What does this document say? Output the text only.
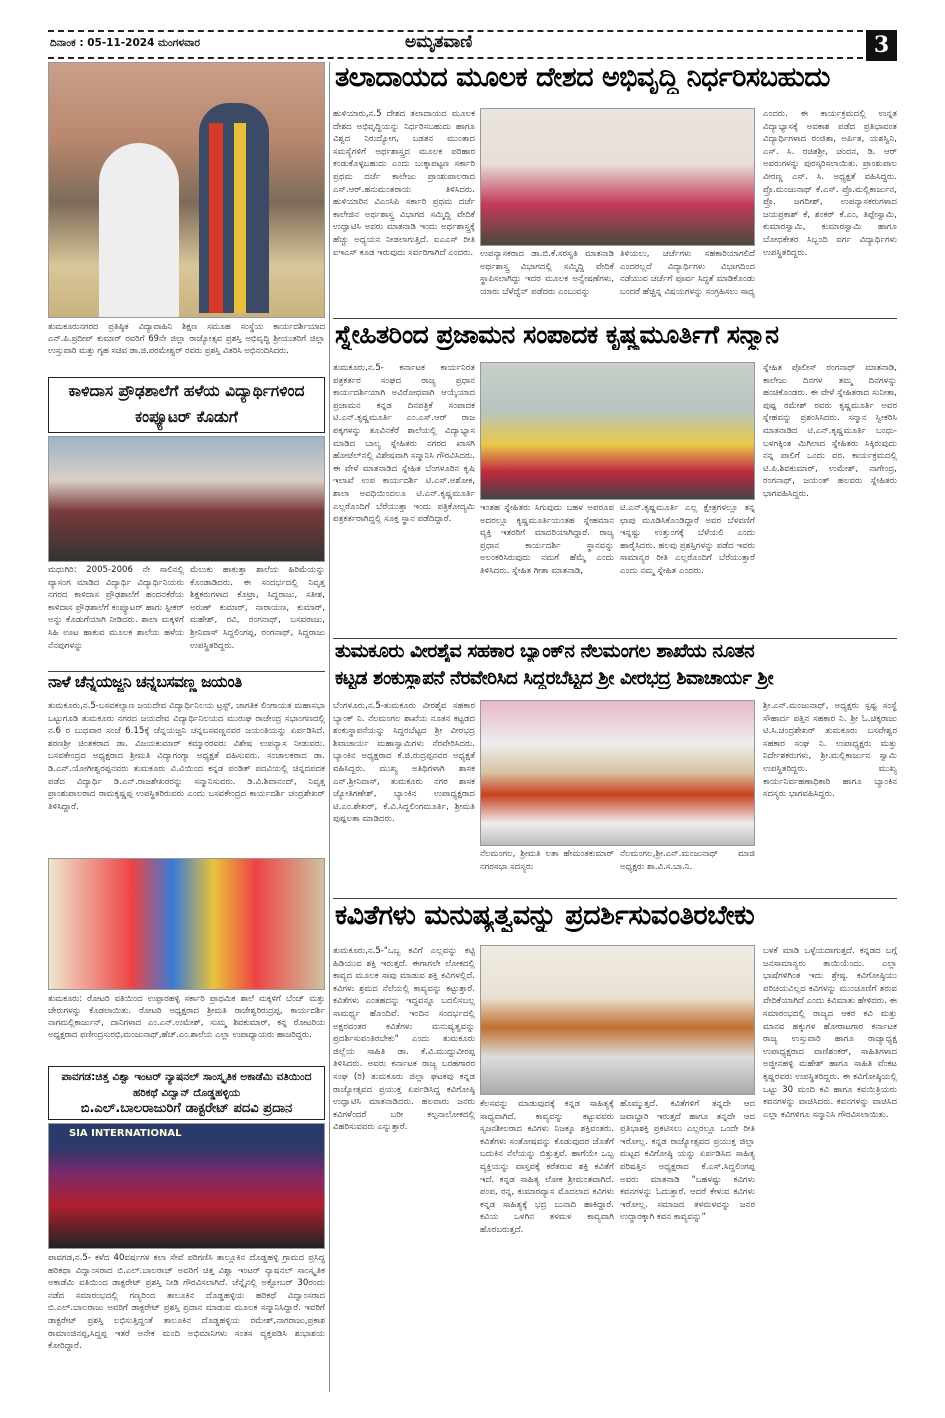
ದಿನಾಂಕ : 05-11-2024 ಮಂಗಳವಾರ	ಅಮೃತವಾಣಿ	3
ತುಮಕೂರುನಗರದ ಪ್ರತಿಷ್ಠಿತ ವಿದ್ಯಾವಾಹಿನಿ ಶಿಕ್ಷಣ ಸಮೂಹ ಸಂಸ್ಥೆಯ ಕಾರ್ಯದರ್ಶಿಯಾದ ಎನ್.ಪಿ.ಪ್ರದೀಪ್ ಕುಮಾರ್ ರವರಿಗೆ 69ನೇ ಜಿಲ್ಲಾ ರಾಜ್ಯೋತ್ಸವ ಪ್ರಶಸ್ತಿ ಅಭಿವೃದ್ಧಿ ಶ್ರೀಯುತರಿಗೆ ಜಿಲ್ಲಾ ಉಸ್ತುವಾರಿ ಮತ್ತು ಗೃಹ ಸಚಿವ ಡಾ.ಜಿ.ಪರಮೇಶ್ವರ್ ರವರು ಪ್ರಶಸ್ತಿ ವಿತರಿಸಿ ಅಭಿನಂದಿಸಿದರು.
ಕಾಳಿದಾಸ ಪ್ರೌಢಶಾಲೆಗೆ ಹಳೆಯ ವಿದ್ಯಾರ್ಥಿಗಳಿಂದ ಕಂಪ್ಯೂಟರ್ ಕೊಡುಗೆ
ಮಧುಗಿರಿ: 2005-2006 ನೇ ಸಾಲಿನಲ್ಲಿ ವ್ಯಾಸಂಗ ಮಾಡಿದ ವಿದ್ಯಾರ್ಥಿ ವಿದ್ಯಾರ್ಥಿನಿಯರು ನಗರದ ಕಾಳಿದಾಸ ಪ್ರೌಢಶಾಲೆಗೆ ಹಂದನಕೆರೆಯ ಕಾಳಿದಾಸ ಪ್ರೌಢಶಾಲೆಗೆ ಕಂಪ್ಯೂಟರ್ ಹಾಗು ಸ್ಪೀಕರ್ ಅನ್ನು ಕೊಡುಗೆಯಾಗಿ ನೀಡಿದರು. ಶಾಲಾ ಮಕ್ಕಳಿಗೆ ಸಿಹಿ ಊಟ ಹಾಕುವ ಮೂಲಕ ಶಾಲೆಯ ಹಳೆಯ ನೆನಪುಗಳನ್ನು
ಮೆಲುಕು ಹಾಕುತ್ತಾ ಶಾಲೆಯ ಹಿರಿಮೆಯನ್ನು ಕೊಂಡಾಡಿದರು. ಈ ಸಂದರ್ಭದಲ್ಲಿ ನಿವೃತ್ತ ಶಿಕ್ಷಕರುಗಳಾದ ಕೊಟ್ರಾ, ಸಿದ್ದರಾಜು, ಸತೀಶ, ಅರುಣ್ ಕುಮಾರ್, ನಾರಾಯಣ, ಕುಮಾರ್, ಮಹೇಶ್, ರವಿ, ರಂಗನಾಥ್, ಬಸವರಾಜು, ಶ್ರೀನಿವಾಸ್ ಸಿದ್ದಲಿಂಗಪ್ಪ, ರಂಗನಾಥ್, ಸಿದ್ದರಾಜು ಉಪಸ್ಥಿತರಿದ್ದರು.
ನಾಳೆ ಚೆನ್ನಯಜ್ಜನಿ ಚನ್ನಬಸವಣ್ಣ ಜಯಂತಿ
ತುಮಕೂರು,ನ.5-ಬಸವಕಲ್ಯಾಣ ಜಯದೇವ ವಿದ್ಯಾರ್ಥಿನಿಲಯ ಟ್ರಸ್ಟ್, ಜಾಗತಿಕ ಲಿಂಗಾಯತ ಮಹಾಸಭಾ ಒಟ್ಟುಗೂಡಿ ತುಮಕೂರು ನಗರದ ಜಯದೇವ ವಿದ್ಯಾರ್ಥಿನಿಲಯದ ಮುರುಘ ರಾಜೇಂದ್ರ ಸಭಾಂಗಣದಲ್ಲಿ ನ.6 ರ ಬುಧವಾರ ಸಂಜೆ 6.15ಕ್ಕೆ ಚೆನ್ನಯಜ್ಜನಿ ಚನ್ನಬಸವಣ್ಣನವರ ಜಯಂತಿಯನ್ನು ಏರ್ಪಡಿಸಿದೆ. ಶರಣಶ್ರೀ ಚಿಂತಕರಾದ ಡಾ. ವಿಜಯಕುಮಾರ್ ಕಮ್ಮಾರರವರು ವಿಶೇಷ ಉಪನ್ಯಾಸ ನೀಡುವರು. ಬಸವಕೇಂದ್ರದ ಅಧ್ಯಕ್ಷರಾದ ಶ್ರೀಮತಿ ವಿದ್ಯಾಗಂಗ್ಯಾ ಅಧ್ಯಕ್ಷತೆ ವಹಿಸುವರು. ಸಂಚಾಲಕರಾದ ಡಾ. ಡಿ.ಎನ್.ಯೋಗೀಶ್ವರಪ್ಪನವರು ತುಮಕೂರು ವಿ.ವಿಯಿಂದ ಕನ್ನಡ ಪಂಡಿತ್ ಪದವಿಯಲ್ಲಿ ಚಿನ್ನದಪದಕ ಪಡೆದ ವಿದ್ಯಾರ್ಥಿ ಡಿ.ಎನ್.ರಾಜಶೇಖರರನ್ನು ಸನ್ಮಾನಿಸುವರು. ಡಿ.ವಿ.ಶಿವಾನಂದ್, ನಿವೃತ್ತ ಪ್ರಾಂಶುಪಾಲರಾದ ರಾಮಕೃಷ್ಣಪ್ಪ ಉಪಸ್ಥಿತರಿರುವರು ಎಂದು ಬಸವಕೇಂದ್ರದ ಕಾರ್ಯದರ್ಶಿ ಚಂದ್ರಶೇಖರ್ ತಿಳಿಸಿದ್ದಾರೆ.
ತುಮಕೂರು: ರೋಟರಿ ವತಿಯಿಂದ ಉಪ್ಪಾರಹಳ್ಳಿ ಸರ್ಕಾರಿ ಪ್ರಾಥಮಿಕ ಶಾಲೆ ಮಕ್ಕಳಿಗೆ ಬೆಂಚ್ ಮತ್ತು ಚೇರುಗಳನ್ನು ಕೊಡಲಾಯಿತು. ರೋಟರಿ ಅಧ್ಯಕ್ಷರಾದ ಶ್ರೀಮತಿ ರಾಜೇಶ್ವರಿರುದ್ರಪ್ಪ, ಕಾರ್ಯದರ್ಶಿ ನಾಗಮಲ್ಲಿಕಾರ್ಜುನ್, ದಾನಿಗಳಾದ ಎಂ.ಎನ್.ಉಮೇಶ್, ಸುಮ್ಮ ಶಿವಕುಮಾರ್, ಕನ್ನ ರೋಟರಿಯ ಅಧ್ಯಕ್ಷರಾದ ಫಣೀಂದ್ರಸುರಭಿ,ಮಂಜುನಾಥ್,ಹೆಚ್.ಎಂ.ಶಾಲೆಯ ಎಲ್ಲಾ ಉಪಾಧ್ಯಾಯರು ಹಾಜರಿದ್ದರು.
ಪಾವಗಡ:ಚಿತ್ತ ವಿಶ್ವಾ ಇಂಟರ್ ನ್ಯಾಷನಲ್ ಸಾಂಸ್ಕೃತಿಕ ಅಕಾಡೆಮಿ ವತಿಯಿಂದ ಹರಿಕಥೆ ವಿದ್ವಾನ್ ದೊಡ್ಡಹಳ್ಳಿಯ
ಬಿ.ಎಲ್.ಬಾಲರಾಜುರಿಗೆ ಡಾಕ್ಟರೇಟ್ ಪದವಿ ಪ್ರದಾನ
SIA INTERNATIONAL
ಪಾವಗಡ,ನ.5- ಕಳೆದ 40ವರ್ಷಗಳ ಕಲಾ ಸೇವೆ ಪರಿಗಣಿಸಿ ತಾಲ್ಲೂಕಿನ ದೊಡ್ಡಹಳ್ಳಿ ಗ್ರಾಮದ ಪ್ರಸಿದ್ಧ ಹರಿಕಥಾ ವಿದ್ವಾಂಸರಾದ ಬಿ.ಎಲ್.ಬಾಲರಾಜ್ ಅವರಿಗೆ ಚಿತ್ತ ವಿಶ್ವಾ ಇಂಟರ್ ನ್ಯಾಷನಲ್ ಸಾಂಸ್ಕೃತಿಕ ಅಕಾಡೆಮಿ ವತಿಯಿಂದ ಡಾಕ್ಟರೇಟ್ ಪ್ರಶಸ್ತಿ ನೀಡಿ ಗೌರವಿಸಲಾಗಿದೆ. ಚೆನ್ನೈನಲ್ಲಿ ಅಕ್ಟೋಬರ್ 30ರಂದು ನಡೆದ ಸಮಾರಂಭದಲ್ಲಿ ಗಣ್ಯರಿಂದ ತಾಲೂಕಿನ ದೊಡ್ಡಹಳ್ಳಿಯ ಹರಿಕಥೆ ವಿದ್ವಾಂಸರಾದ ಬಿ.ಎಲ್.ಬಾಲರಾಜು ಅವರಿಗೆ ಡಾಕ್ಟರೇಟ್ ಪ್ರಶಸ್ತಿ ಪ್ರದಾನ ಮಾಡುವ ಮೂಲಕ ಸನ್ಮಾನಿಸಿದ್ದಾರೆ. ಇವರಿಗೆ ಡಾಕ್ಟರೇಟ್ ಪ್ರಶಸ್ತಿ ಲಭಿಸುತ್ತಿದ್ದಂತೆ ತಾಲೂಕಿನ ದೊಡ್ಡಹಳ್ಳಿಯ ರಮೇಶ್,ನಾಗರಾಜು,ಪ್ರಕಾಶ ರಾಮಾಂಜಿನಪ್ಪ,ಸಿದ್ದಪ್ಪ ಇತರೆ ಅನೇಕ ಮಂದಿ ಅಭಿಮಾನಿಗಳು ಸಂತಸ ವ್ಯಕ್ತಪಡಿಸಿ ಶುಭಾಶಯ ಕೋರಿದ್ದಾರೆ.
ತಲಾದಾಯದ ಮೂಲಕ ದೇಶದ ಅಭಿವೃದ್ಧಿ ನಿರ್ಧರಿಸಬಹುದು
ಹುಳಿಯಾರು,ನ.5 ದೇಶದ ತಲಾದಾಯದ ಮೂಲಕ ದೇಶದ ಅಭಿವೃದ್ಧಿಯನ್ನು ನಿರ್ಧರಿಸಬಹುದು ಹಾಗೂ ವಿಶ್ವದ ನಿರುದ್ಯೋಗ, ಬಡತನ ಮುಂತಾದ ಸಮಸ್ಯೆಗಳಿಗೆ ಅರ್ಥಶಾಸ್ತ್ರದ ಮೂಲಕ ಪರಿಹಾರ ಕಂಡುಕೊಳ್ಳಬಹುದು ಎಂದು ಬುಕ್ಕಾಪಟ್ಟಣ ಸರ್ಕಾರಿ ಪ್ರಥಮ ದರ್ಜೆ ಕಾಲೇಜು ಪ್ರಾಂಶುಪಾಲರಾದ ಎಸ್.ಆರ್.ಹನುಮಂತರಾಯ ತಿಳಿಸಿದರು. ಹುಳಿಯಾರಿನ ವಿಎಂಸಿಪಿ ಸರ್ಕಾರಿ ಪ್ರಥಮ ದರ್ಜೆ ಕಾಲೇಜಿನ ಅರ್ಥಶಾಸ್ತ್ರ ವಿಭಾಗದ ಸಮ್ಮಿದ್ದಿ ವೇದಿಕೆ ಉದ್ಘಾಟಿಸಿ ಅವರು ಮಾತನಾಡಿ ಇಂದು ಅರ್ಥಶಾಸ್ತ್ರಕ್ಕೆ ಹೆಚ್ಚು ಅಧ್ಯಯನ ನೀಡಲಾಗುತ್ತಿದೆ. ಐಎಎಸ್ ರೀತಿ ಐಇಎಸ್ ಕೂಡ ಇರುವುದು ಸರ್ವರಿಗಾಗಿದೆ ಎಂದರು. ಉಪನ್ಯಾಸಕರಾದ ಡಾ.ಬಿ.ಕೆ.ಸರಸ್ವತಿ ಮಾತನಾಡಿ ಅರ್ಥಶಾಸ್ತ್ರ ವಿಭಾಗದಲ್ಲಿ ಸಮ್ಮಿದ್ದಿ ವೇದಿಕೆ ಸ್ಥಾಪಿಸಲಾಗಿದ್ದು ಇದರ ಮೂಲಕ ಅನ್ವೇಷಣೆಗಳು, ಯಾರು ಬೆಳೆದ್ವೆನ್ ಪಡೆದರು ಎಂಬುವನ್ನು
ತಿಳಿಯಲು, ಚರ್ಚೆಗಳು ಸಹಕಾರಿಯಾಗಲಿದೆ ಎಂದರಲ್ಲದೆ ವಿದ್ಯಾರ್ಥಿಗಳು ವಿಭಾಗದಿಂದ ನಡೆಯುವ ಚರ್ಚೆಗೆ ಪೂರ್ವ ಸಿದ್ಧತೆ ಮಾಡಿಕೊಂಡು ಬಂದರೆ ಹೆಚ್ಚಿನ್ನ ವಿಷಯಗಳನ್ನು ಸಂಗ್ರಹಿಸಲು ಸಾಧ್ಯ
ಎಂದರು. ಈ ಕಾರ್ಯಕ್ರಮದಲ್ಲಿ ಉನ್ನತ ವಿದ್ಯಾಭ್ಯಾಸಕ್ಕೆ ಅವಕಾಶ ಪಡೆದ ಪ್ರತಿಭಾವಂತ ವಿದ್ಯಾರ್ಥಿಗಳಾದ ರಂಜಿತಾ, ಅರ್ಪಿತ, ಯಶಸ್ವಿನಿ, ಎಸ್. ಸಿ. ರಚಿತಶ್ರೀ, ಚಂದನ, ಡಿ. ಆರ್ ಅವರುಗಳನ್ನು ಪುರಸ್ಕರಿಸಲಾಯಿತು. ಪ್ರಾಂಶುಪಾಲ ವೀರಣ್ಣ ಎಸ್. ಸಿ. ಅಧ್ಯಕ್ಷತೆ ವಹಿಸಿದ್ದರು. ಪ್ರೊ.ಮಂಜುನಾಥ್ ಕೆ.ಎಸ್. ಪ್ರೊ.ಮಲ್ಲಿಕಾರ್ಜುನ, ಪ್ರೊ. ಜಗದೀಶ್, ಉಪನ್ಯಾಸಕರುಗಳಾದ ಜಯಪ್ರಕಾಶ್ ಕೆ, ಶಂಕರ್ ಕೆ.ಎಂ, ತಿಪ್ಪೇಸ್ವಾಮಿ, ಕುಮಾರಸ್ವಾಮಿ, ಕುಮಾರಸ್ವಾಮಿ ಹಾಗೂ ಬೋಧಕೇತರ ಸಿಬ್ಬಂದಿ ವರ್ಗ ವಿದ್ಯಾರ್ಥಿಗಳು ಉಪಸ್ಥಿತರಿದ್ದರು.
ಸ್ನೇಹಿತರಿಂದ ಪ್ರಜಾಮನ ಸಂಪಾದಕ ಕೃಷ್ಣಮೂರ್ತಿಗೆ ಸನ್ಮಾನ
ತುಮಕೂರು,ನ.5- ಕರ್ನಾಟಕ ಕಾರ್ಯನಿರತ ಪತ್ರಕರ್ತರ ಸಂಘದ ರಾಜ್ಯ ಪ್ರಧಾನ ಕಾರ್ಯದರ್ಶಿಯಾಗಿ ಅವಿರೋಧವಾಗಿ ಆಯ್ಕೆಯಾದ ಪ್ರಜಾಮನ ಕನ್ನಡ ದಿನಪತ್ರಿಕೆ ಸಂಪಾದಕ ಟಿ.ಎನ್.ಕೃಷ್ಣಮೂರ್ತಿ ಎಂ.ಎಸ್.ಆರ್ ರಾಜ ಪಕ್ಕಗಳನ್ನು ತೂವಿನಕೆರೆ ಶಾಲೆಯಲ್ಲಿ ವಿದ್ಯಾಭ್ಯಾಸ ಮಾಡಿದ ಬಾಲ್ಯ ಸ್ನೇಹಿತರು ನಗರದ ಖಾಸಗಿ ಹೋಟೆಲ್‌ನಲ್ಲಿ ವಿಶೇಷವಾಗಿ ಸನ್ಮಾನಿಸಿ ಗೌರವಿಸಿದರು. ಈ ವೇಳೆ ಮಾತನಾಡಿದ ಸ್ನೇಹಿತ ಬೆಂಗಳೂರಿನ ಕೃಷಿ ಇಲಾಖೆ ಉಪ ಕಾರ್ಯದರ್ಶಿ ಟಿ.ಎಸ್.ಅಶೋಕ, ಶಾಲಾ ಅವಧಿಯಿಂದಲೂ ಟಿ.ಎನ್.ಕೃಷ್ಣಮೂರ್ತಿ ಎಲ್ಲರೊಂದಿಗೆ ಬೆರೆಯುತ್ತಾ ಇಂದು ಪತ್ರಿಕೋದ್ಯಮಿ ಪತ್ರಕರ್ತರಾಗಿದ್ದಲ್ಲಿ ಸೂಕ್ತ ಸ್ಥಾನ ಪಡೆದಿದ್ದಾರೆ.
ಇಂತಹ ಸ್ನೇಹಿತರು ಸಿಗುವುದು ಬಹಳ ಅಪರೂಪ ಅದರಲ್ಲೂ ಕೃಷ್ಣಮೂರ್ತಿಯಂತಹ ಸ್ನೇಹಮಾನ ವ್ಯಕ್ತಿ ಇತರರಿಗೆ ಮಾದರಿಯಾಗಿದ್ದಾರೆ. ರಾಜ್ಯ ಪ್ರಧಾನ ಕಾರ್ಯದರ್ಶಿ ಸ್ಥಾನವನ್ನು ಅಲಂಕರಿಸಿರುವುದು ನಮಗೆ ಹೆಮ್ಮೆ ಎಂದು ತಿಳಿಸಿದರು. ಸ್ನೇಹಿತ ಗೀತಾ ಮಾತನಾಡಿ,
ಟಿ.ಎನ್.ಕೃಷ್ಣಮೂರ್ತಿ ಎಲ್ಲ ಕ್ಷೇತ್ರಗಳಲ್ಲೂ ತನ್ನ ಛಾಪು ಮೂಡಿಸಿಕೊಂಡಿದ್ದಾರೆ ಅವರ ಬೆಳವಣಿಗೆ ಇನ್ನಷ್ಟು ಉತ್ತುಂಗಕ್ಕೆ ಬೆಳೆಯಲಿ ಎಂದು ಹಾರೈಸಿದರು. ಹಲವು ಪ್ರಶಸ್ತಿಗಳನ್ನು ಪಡೆದ ಇವರು ಸಾಮಾನ್ಯರ ರೀತಿ ಎಲ್ಲರೊಂದಿಗೆ ಬೆರೆಯುತ್ತಾರೆ ಎಂದು ನಮ್ಮ ಸ್ನೇಹಿತ ಎಂದರು.
ಸ್ನೇಹಿತ ಪೊಲೀಸ್ ರಂಗನಾಥ್ ಮಾತನಾಡಿ, ಕಾಲೇಜು ದಿನಗಳ ತಮ್ಮ ದಿನಗಳನ್ನು ಹಂಚಿಕೊಂಡರು. ಈ ವೇಳೆ ಸ್ನೇಹಿತರಾದ ಸುನೀತಾ, ಪುಷ್ಪ ರಮೇಶ್ ರವರು ಕೃಷ್ಣಮೂರ್ತಿ ಅವರ ಸ್ನೇಹವನ್ನು ಪ್ರಶಂಸಿಸಿದರು. ಸನ್ಮಾನ ಸ್ವೀಕರಿಸಿ ಮಾತನಾಡಿದ ಟಿ.ಎನ್.ಕೃಷ್ಣಮೂರ್ತಿ ಬಂಧು-ಬಳಗಕ್ಕಿಂತ ಮಿಗಿಲಾದ ಸ್ನೇಹಿತರು ಸಿಕ್ಕಿರುವುದು ನನ್ನ ಪಾಲಿಗೆ ಒಂದು ವರ. ಕಾರ್ಯಕ್ರಮದಲ್ಲಿ ಟಿ.ಪಿ.ಶಿವಕುಮಾರ್, ಉಮೇಶ್, ನಾಗೇಂದ್ರ, ರಂಗನಾಥ್, ಜಯಂತ್ ಹಲವರು ಸ್ನೇಹಿತರು ಭಾಗವಹಿಸಿದ್ದರು.
ತುಮಕೂರು ವೀರಶೈವ ಸಹಕಾರ ಬ್ಯಾಂಕ್‌ನ ನೆಲಮಂಗಲ ಶಾಖೆಯ ನೂತನ
ಕಟ್ಟಡ ಶಂಕುಸ್ಥಾಪನೆ ನೆರವೇರಿಸಿದ ಸಿದ್ದರಬೆಟ್ಟದ ಶ್ರೀ ವೀರಭದ್ರ ಶಿವಾಚಾರ್ಯ ಶ್ರೀ
ಬೆಂಗಳೂರು,ನ.5-ತುಮಕೂರು ವೀರಶೈವ ಸಹಕಾರ ಬ್ಯಾಂಕ್ ನಿ. ನೆಲಮಂಗಲ ಶಾಖೆಯ ನೂತನ ಕಟ್ಟಡದ ಶಂಕುಸ್ಥಾಪನೆಯನ್ನು ಸಿದ್ದರಬೆಟ್ಟದ ಶ್ರೀ ವೀರಭದ್ರ ಶಿವಾಚಾರ್ಯ ಮಹಾಸ್ವಾಮಿಗಳು ನೆರವೇರಿಸಿದರು. ಬ್ಯಾಂಕಿನ ಅಧ್ಯಕ್ಷರಾದ ಕೆ.ಜಿ.ರುದ್ರಪ್ಪನವರ ಅಧ್ಯಕ್ಷತೆ ವಹಿಸಿದ್ದರು. ಮುಖ್ಯ ಅತಿಥಿಗಳಾಗಿ ಶಾಸಕ ಎನ್.ಶ್ರೀನಿವಾಸ್, ತುಮಕೂರು ನಗರ ಶಾಸಕ ಜ್ಯೋತಿಗಣೇಶ್, ಬ್ಯಾಂಕಿನ ಉಪಾಧ್ಯಕ್ಷರಾದ ಟಿ.ಎಂ.ಶೇಖರ್, ಕೆ.ವಿ.ಸಿದ್ದಲಿಂಗಮೂರ್ತಿ, ಶ್ರೀಮತಿ ಪುಷ್ಪಲತಾ ಮಾಡಿದರು.
ನೆಲಮಂಗಲ, ಶ್ರೀಮತಿ ಲತಾ ಹೇಮಂತಕುಮಾರ್ ನಗರಸಭಾ ಸದಸ್ಯರು
ನೆಲಮಂಗಲ,ಶ್ರೀ.ಎನ್.ಮಂಜುನಾಥ್ ಮಾಜಿ ಅಧ್ಯಕ್ಷರು ಶಾ.ವಿ.ಸ.ಬಾ.ನಿ.
ಶ್ರೀ.ಎನ್.ಮಂಜುನಾಥ್, ಅಧ್ಯಕ್ಷರು ಸ್ಪಷ್ಟ ಸಂಸ್ಥೆ ಸೌಹಾರ್ದ ಪತ್ತಿನ ಸಹಕಾರ ನಿ. ಶ್ರೀ ಓ.ಚಿಕ್ಕರಾಜು ಟಿ.ಸಿ.ಚಂದ್ರಶೇಖರ್ ತುಮಕೂರು ಬಸವೇಶ್ವರ ಸಹಕಾರ ಸಂಘ ನಿ. ಉಪಾಧ್ಯಕ್ಷರು ಮತ್ತು ನಿರ್ದೇಶಕರುಗಳು, ಶ್ರೀ.ಮಲ್ಲಿಕಾರ್ಜುನ ಸ್ವಾಮಿ ಉಪಸ್ಥಿತರಿದ್ದರು. ಮುಖ್ಯ ಕಾರ್ಯನಿರ್ವಹಣಾಧಿಕಾರಿ ಹಾಗೂ ಬ್ಯಾಂಕಿನ ಸದಸ್ಯರು ಭಾಗವಹಿಸಿದ್ದರು.
ಕವಿತೆಗಳು ಮನುಷ್ಯತ್ವವನ್ನು ಪ್ರದರ್ಶಿಸುವಂತಿರಬೇಕು
ತುಮಕೂರು,ನ.5-"ಒಬ್ಬ ಕವಿಗೆ ಎಲ್ಲವನ್ನು ಕಟ್ಟಿ ಹಿಡಿಯುವ ಶಕ್ತಿ ಇರುತ್ತದೆ. ಈಗಾಗಲೇ ಲೋಕದಲ್ಲಿ ಕಾವ್ಯದ ಮೂಲಕ ಸಾವು ಮಾಡುವ ಶಕ್ತಿ ಕವಿಗಳಲ್ಲಿದೆ. ಕವಿಗಳು ಶ್ರಮದ ನೆಲೆಯಲ್ಲಿ ಕಾವ್ಯವನ್ನು ಕಟ್ಟುತ್ತಾರೆ. ಕವಿತೆಗಳು ಎಂತಹದನ್ನು ಇದ್ದವನ್ನೂ ಬದಲಿಸಬಲ್ಲ ಸಾಮರ್ಥ್ಯ ಹೊಂದಿವೆ. ಇಂದಿನ ಸಂದರ್ಭದಲ್ಲಿ ಅಕ್ಷರವಂತರ ಕವಿತೆಗಳು ಮನುಷ್ಯತ್ವವನ್ನು ಪ್ರದರ್ಶಿಸುವಂತಿರಬೇಕು" ಎಂದು ತುಮಕೂರು ಜಿಲ್ಲೆಯ ಸಾಹಿತಿ ಡಾ. ಕೆ.ವಿ.ಮುದ್ದುವೀರಪ್ಪ ತಿಳಿಸಿದರು. ಅವರು ಕರ್ನಾಟಕ ರಾಜ್ಯ ಬರಹಗಾರರ ಸಂಘ (ರಿ) ತುಮಕೂರು ಜಿಲ್ಲಾ ಘಟಕವು ಕನ್ನಡ ರಾಜ್ಯೋತ್ಸವದ ಪ್ರಯುಕ್ತ ಏರ್ಪಡಿಸಿದ್ದ ಕವಿಗೋಷ್ಠಿ ಉದ್ಘಾಟಿಸಿ ಮಾತನಾಡಿದರು. ಹಲವಾರು ಜನರು ಕವಿಗಳೆಂದರೆ ಬರೀ ಕಲ್ಪನಾಲೋಕದಲ್ಲಿ ವಿಹರಿಸುವವರು ಎನ್ನುತ್ತಾರೆ.
ಕೆಲಸವನ್ನು ಮಾಡುವುದಕ್ಕೆ ಕನ್ನಡ ಸಾಹಿತ್ಯಕ್ಕೆ ಸಾಧ್ಯವಾಗಿದೆ. ಕಾವ್ಯವನ್ನು ಕಟ್ಟುವವರು ಸೃಜನಶೀಲರಾದ ಕವಿಗಳು ನಿಜಕ್ಕೂ ಶಕ್ತಿವಂತರು. ಕವಿತೆಗಳು ಸಂತೋಷವನ್ನು ಕೊಡುವುದರ ಜೊತೆಗೆ ಬದುಕಿನ ನೆಲೆಯನ್ನು ಬಿತ್ತುತ್ತವೆ. ಹಾಗೆಯೇ ಒಬ್ಬ ವ್ಯಕ್ತಿಯನ್ನು ವಾಸ್ತವಕ್ಕೆ ಕರೆತರುವ ಶಕ್ತಿ ಕವಿತೆಗೆ ಇದೆ. ಕನ್ನಡ ಸಾಹಿತ್ಯ ಲೋಕ ಶ್ರೀಮಂತವಾಗಿದೆ. ಪಂಪ, ರನ್ನ, ಕುಮಾರವ್ಯಾಸ ಮೊದಲಾದ ಕವಿಗಳು ಕನ್ನಡ ಸಾಹಿತ್ಯಕ್ಕೆ ಭದ್ರ ಬುನಾದಿ ಹಾಕಿದ್ದಾರೆ. ಕವಿಯ ಒಳಗಿನ ತಳಮಳ ಕಾವ್ಯವಾಗಿ ಹೊರಬರುತ್ತದೆ.
ಹೊಮ್ಮುತ್ತದೆ. ಕವಿತೆಗಳಿಗೆ ತನ್ನದೇ ಆದ ಜವಾಬ್ದಾರಿ ಇರುತ್ತದೆ ಹಾಗೂ ತನ್ನದೇ ಆದ ಪ್ರತಿಭಾಶಕ್ತಿ ಪ್ರಕಟಿಸಲು ಎಲ್ಲರಲ್ಲೂ ಒಂದೇ ರೀತಿ ಇರೋಲ್ಲ. ಕನ್ನಡ ರಾಜ್ಯೋತ್ಸವದ ಪ್ರಯುಕ್ತ ಜಿಲ್ಲಾ ಮಟ್ಟದ ಕವಿಗೋಷ್ಠಿ ಯನ್ನು ಏರ್ಪಡಿಸಿದ ಸಾಹಿತ್ಯ ಪರಿಷತ್ತಿನ ಅಧ್ಯಕ್ಷರಾದ ಕೆ.ಎಸ್.ಸಿದ್ದಲಿಂಗಪ್ಪ ಅವರು ಮಾತನಾಡಿ "ಬಹಳಷ್ಟು ಕವಿಗಳು ಕವನಗಳನ್ನು ಓದುತ್ತಾರೆ. ಆದರೆ ಕೇಳುವ ಕವಿಗಳು ಇರೋಲ್ಲ. ಸಮಾಜದ ತಳಮಳವನ್ನು ಜನರ ಉದ್ಧಾರಕ್ಕಾಗಿ ಕವನ ಕಾವ್ಯವನ್ನು"
ಬಳಕೆ ಮಾಡಿ ಒಳ್ಳೆಯದಾಗುತ್ತದೆ. ಕನ್ನಡದ ಬಗ್ಗೆ ಜನಸಾಮಾನ್ಯರು ತಾಯಿಯೆಂದು. ಎಲ್ಲಾ ಭಾಷೆಗಳಿಗಿಂತ ಇದು ಶ್ರೇಷ್ಠ. ಕವಿಗೋಷ್ಠಿಯು ಪರಿಚಯವಿಲ್ಲದ ಕವಿಗಳನ್ನು ಮುಂಚೂಣಿಗೆ ತರುವ ವೇದಿಕೆಯಾಗಿದೆ ಎಂದು ಕಿವಿಮಾತು ಹೇಳಿದರು. ಈ ಸಮಾರಂಭದಲ್ಲಿ ರಾಜ್ಯದ ಆಕರ ಕವಿ ಮತ್ತು ಮಾನವ ಹಕ್ಕುಗಳ ಹೋರಾಟಗಾರ ಕರ್ನಾಟಕ ರಾಜ್ಯ ಉಸ್ತುವಾರಿ ಹಾಗೂ ರಾಜ್ಯಾಧ್ಯಕ್ಷ ಉಪಾಧ್ಯಕ್ಷರಾದ ವಾಣಿಶಂಕರ್, ಸಾಹಿತಿಗಳಾದ ಅಜ್ಜೀನಹಳ್ಳಿ ಮಹೇಶ್ ಹಾಗೂ ಸಾಹಿತಿ ವೆಂಕಟ ಕೃಷ್ಣರವರು ಉಪಸ್ಥಿತರಿದ್ದರು. ಈ ಕವಿಗೋಷ್ಠಿಯಲ್ಲಿ ಒಟ್ಟು 30 ಮಂದಿ ಕವಿ ಹಾಗೂ ಕವಯಿತ್ರಿಯರು ಕವನಗಳನ್ನು ವಾಚಿಸಿದರು. ಕವನಗಳನ್ನು ವಾಚಿಸಿದ ಎಲ್ಲಾ ಕವಿಗಳಿಗೂ ಸನ್ಮಾನಿಸಿ ಗೌರವಿಸಲಾಯಿತು.
